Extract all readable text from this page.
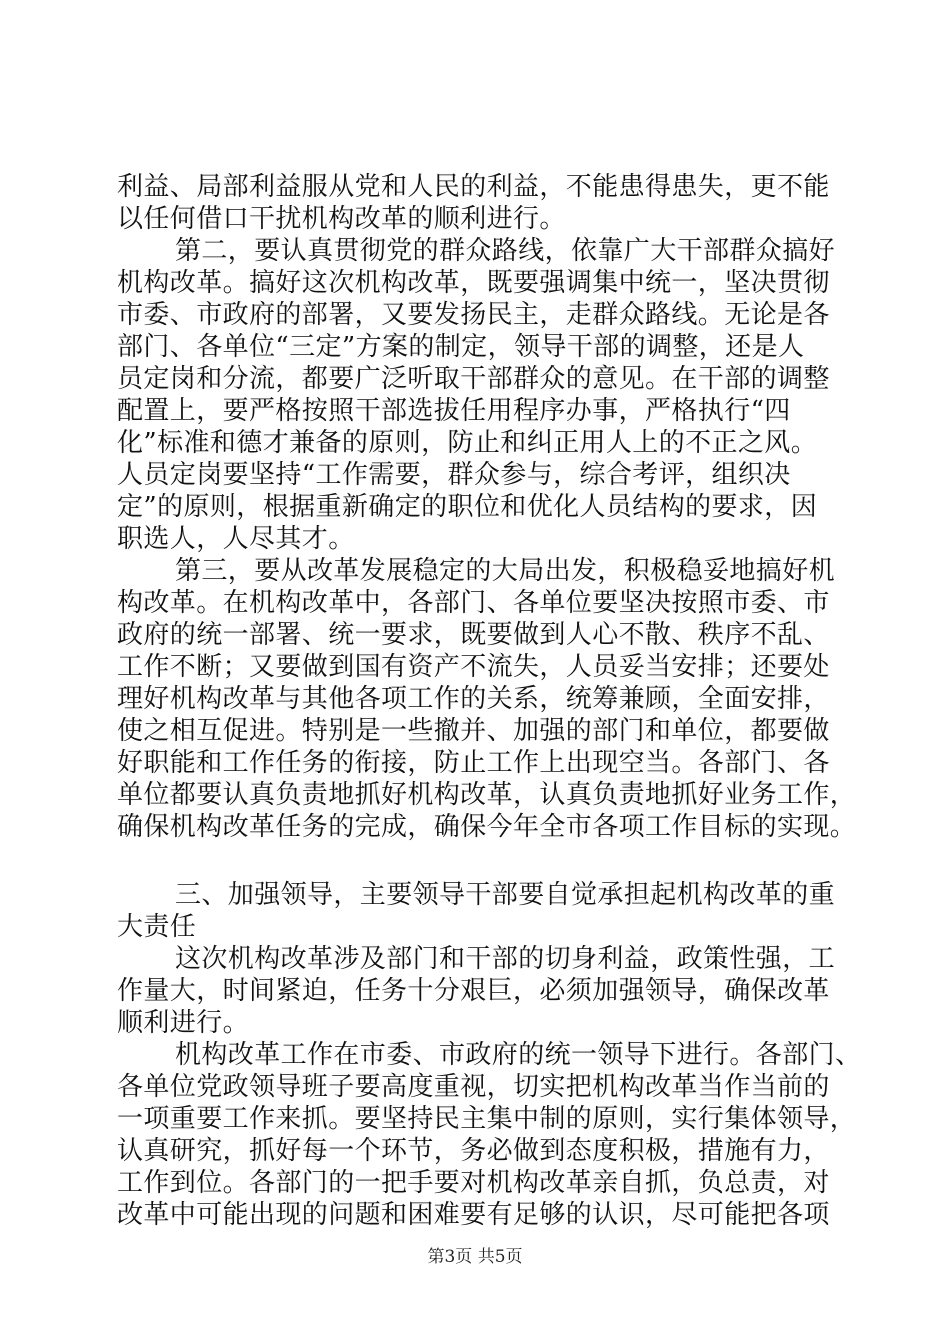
利益、局部利益服从党和人民的利益，不能患得患失，更不能
以任何借口干扰机构改革的顺利进行。
第二，要认真贯彻党的群众路线，依靠广大干部群众搞好
机构改革。搞好这次机构改革，既要强调集中统一，坚决贯彻
市委、市政府的部署，又要发扬民主，走群众路线。无论是各
部门、各单位“三定”方案的制定，领导干部的调整，还是人
员定岗和分流，都要广泛听取干部群众的意见。在干部的调整
配置上，要严格按照干部选拔任用程序办事，严格执行“四
化”标准和德才兼备的原则，防止和纠正用人上的不正之风。
人员定岗要坚持“工作需要，群众参与，综合考评，组织决
定”的原则，根据重新确定的职位和优化人员结构的要求，因
职选人，人尽其才。
第三，要从改革发展稳定的大局出发，积极稳妥地搞好机
构改革。在机构改革中，各部门、各单位要坚决按照市委、市
政府的统一部署、统一要求，既要做到人心不散、秩序不乱、
工作不断；又要做到国有资产不流失，人员妥当安排；还要处
理好机构改革与其他各项工作的关系，统筹兼顾，全面安排，
使之相互促进。特别是一些撤并、加强的部门和单位，都要做
好职能和工作任务的衔接，防止工作上出现空当。各部门、各
单位都要认真负责地抓好机构改革，认真负责地抓好业务工作，
确保机构改革任务的完成，确保今年全市各项工作目标的实现。
三、加强领导，主要领导干部要自觉承担起机构改革的重
大责任
这次机构改革涉及部门和干部的切身利益，政策性强，工
作量大，时间紧迫，任务十分艰巨，必须加强领导，确保改革
顺利进行。
机构改革工作在市委、市政府的统一领导下进行。各部门、
各单位党政领导班子要高度重视，切实把机构改革当作当前的
一项重要工作来抓。要坚持民主集中制的原则，实行集体领导，
认真研究，抓好每一个环节，务必做到态度积极，措施有力，
工作到位。各部门的一把手要对机构改革亲自抓，负总责，对
改革中可能出现的问题和困难要有足够的认识，尽可能把各项
第3页 共5页
